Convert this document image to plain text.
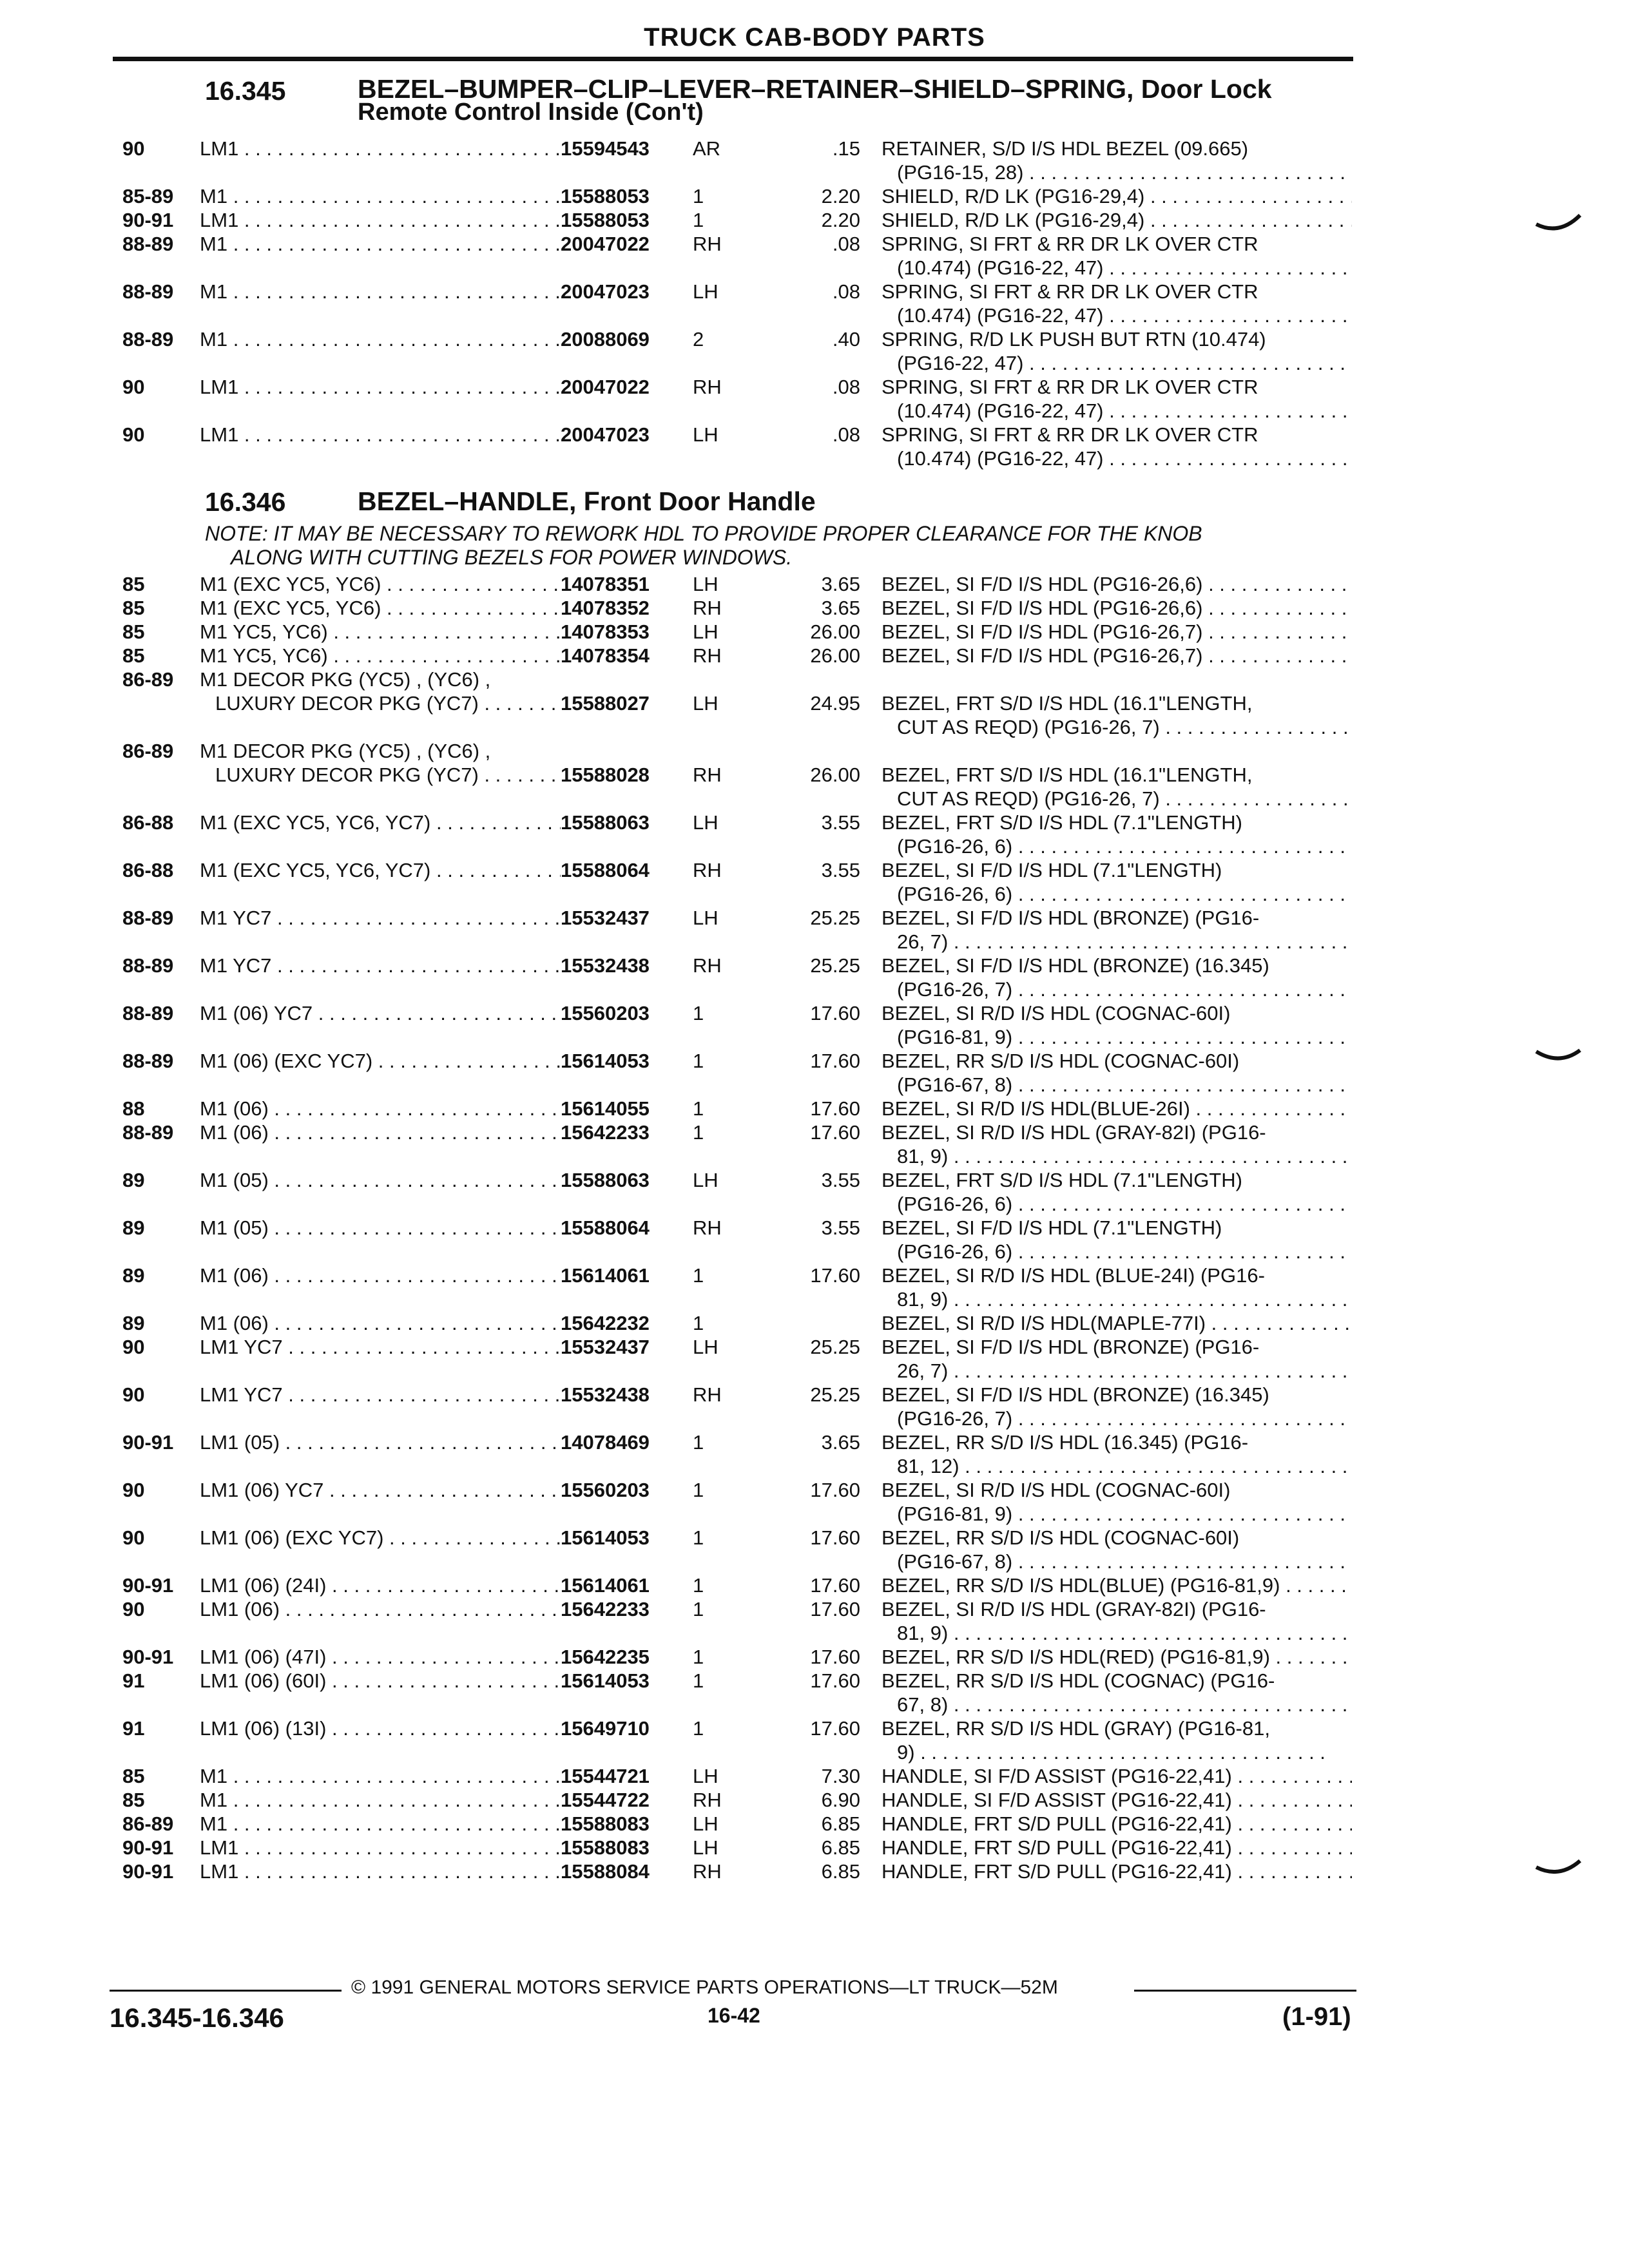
TRUCK CAB-BODY PARTS
16.345	BEZEL–BUMPER–CLIP–LEVER–RETAINER–SHIELD–SPRING, Door Lock
Remote Control Inside (Con't)
16.346	BEZEL–HANDLE, Front Door Handle
NOTE: IT MAY BE NECESSARY TO REWORK HDL TO PROVIDE PROPER CLEARANCE FOR THE KNOB
ALONG WITH CUTTING BEZELS FOR POWER WINDOWS.
90	LM1 . . .	15594543 AR	.15 RETAINER, S/D I/S HDL BEZEL (09.665)
(PG16-15, 28) . . .
85-89 M1 . . .	15588053 1	2.20 SHIELD, R/D LK (PG16-29,4) . . .
90-91 LM1 . . .	15588053 1	2.20 SHIELD, R/D LK (PG16-29,4) . . .
88-89 M1 . . .	20047022 RH	.08 SPRING, SI FRT & RR DR LK OVER CTR
(10.474) (PG16-22, 47) . . .
88-89 M1 . . .	20047023 LH	.08 SPRING, SI FRT & RR DR LK OVER CTR
(10.474) (PG16-22, 47) . . .
88-89 M1 . . .	20088069 2	.40 SPRING, R/D LK PUSH BUT RTN (10.474)
(PG16-22, 47) . . .
90	LM1 . . .	20047022 RH	.08 SPRING, SI FRT & RR DR LK OVER CTR
(10.474) (PG16-22, 47) . . .
90	LM1 . . .	20047023 LH	.08 SPRING, SI FRT & RR DR LK OVER CTR
(10.474) (PG16-22, 47) . . .
85	M1 (EXC YC5, YC6) . . .	14078351 LH	3.65 BEZEL, SI F/D I/S HDL (PG16-26,6) . . .
85	M1 (EXC YC5, YC6) . . .	14078352 RH	3.65 BEZEL, SI F/D I/S HDL (PG16-26,6) . . .
85	M1 YC5, YC6) . . .	14078353 LH	26.00 BEZEL, SI F/D I/S HDL (PG16-26,7) . . .
85	M1 YC5, YC6) . . .	14078354 RH	26.00 BEZEL, SI F/D I/S HDL (PG16-26,7) . . .
86-89 M1 DECOR PKG (YC5) , (YC6) ,
LUXURY DECOR PKG (YC7) . . .	15588027 LH	24.95
BEZEL, FRT S/D I/S HDL (16.1"LENGTH,
CUT AS REQD) (PG16-26, 7) . . .
86-89 M1 DECOR PKG (YC5) , (YC6) ,
LUXURY DECOR PKG (YC7) . . .	15588028 RH	26.00
BEZEL, FRT S/D I/S HDL (16.1"LENGTH,
CUT AS REQD) (PG16-26, 7) . . .
86-88 M1 (EXC YC5, YC6, YC7) . . .	15588063 LH	3.55 BEZEL, FRT S/D I/S HDL (7.1"LENGTH)
(PG16-26, 6) . . .
86-88 M1 (EXC YC5, YC6, YC7) . . .	15588064 RH	3.55 BEZEL, SI F/D I/S HDL (7.1"LENGTH)
(PG16-26, 6) . . .
88-89 M1 YC7 . . .	15532437 LH	25.25 BEZEL, SI F/D I/S HDL (BRONZE) (PG16-
26, 7) . . .
88-89 M1 YC7 . . .	15532438 RH	25.25 BEZEL, SI F/D I/S HDL (BRONZE) (16.345)
(PG16-26, 7) . . .
88-89 M1 (06) YC7 . . .	15560203 1	17.60 BEZEL, SI R/D I/S HDL (COGNAC-60I)
(PG16-81, 9) . . .
88-89 M1 (06) (EXC YC7) . . .	15614053 1	17.60 BEZEL, RR S/D I/S HDL (COGNAC-60I)
(PG16-67, 8) . . .
88	M1 (06) . . .	15614055 1	17.60 BEZEL, SI R/D I/S HDL(BLUE-26I) . . .
88-89 M1 (06) . . .	15642233 1	17.60 BEZEL, SI R/D I/S HDL (GRAY-82I) (PG16-
81, 9) . . .
89	M1 (05) . . .	15588063 LH	3.55 BEZEL, FRT S/D I/S HDL (7.1"LENGTH)
(PG16-26, 6) . . .
89	M1 (05) . . .	15588064 RH	3.55 BEZEL, SI F/D I/S HDL (7.1"LENGTH)
(PG16-26, 6) . . .
89	M1 (06) . . .	15614061 1	17.60 BEZEL, SI R/D I/S HDL (BLUE-24I) (PG16-
81, 9) . . .
89	M1 (06) . . .	15642232 1	BEZEL, SI R/D I/S HDL(MAPLE-77I) . . .
90	LM1 YC7 . . .	15532437 LH	25.25 BEZEL, SI F/D I/S HDL (BRONZE) (PG16-
26, 7) . . .
90	LM1 YC7 . . .	15532438 RH	25.25 BEZEL, SI F/D I/S HDL (BRONZE) (16.345)
(PG16-26, 7) . . .
90-91 LM1 (05) . . .	14078469 1	3.65 BEZEL, RR S/D I/S HDL (16.345) (PG16-
81, 12) . . .
90	LM1 (06) YC7 . . .	15560203 1	17.60 BEZEL, SI R/D I/S HDL (COGNAC-60I)
(PG16-81, 9) . . .
90	LM1 (06) (EXC YC7) . . .	15614053 1	17.60 BEZEL, RR S/D I/S HDL (COGNAC-60I)
(PG16-67, 8) . . .
90-91 LM1 (06) (24I) . . .	15614061 1	17.60 BEZEL, RR S/D I/S HDL(BLUE) (PG16-81,9) . . .
90	LM1 (06) . . .	15642233 1	17.60 BEZEL, SI R/D I/S HDL (GRAY-82I) (PG16-
81, 9) . . .
90-91 LM1 (06) (47I) . . .	15642235 1	17.60 BEZEL, RR S/D I/S HDL(RED) (PG16-81,9) . . .
91	LM1 (06) (60I) . . .	15614053 1	17.60 BEZEL, RR S/D I/S HDL (COGNAC) (PG16-
67, 8) . . .
91	LM1 (06) (13I) . . .	15649710 1	17.60 BEZEL, RR S/D I/S HDL (GRAY) (PG16-81,
9) . . .
85	M1 . . .	15544721 LH	7.30 HANDLE, SI F/D ASSIST (PG16-22,41) . . .
85	M1 . . .	15544722 RH	6.90 HANDLE, SI F/D ASSIST (PG16-22,41) . . .
86-89 M1 . . .	15588083 LH	6.85 HANDLE, FRT S/D PULL (PG16-22,41) . . .
90-91 LM1 . . .	15588083 LH	6.85 HANDLE, FRT S/D PULL (PG16-22,41) . . .
90-91 LM1 . . .	15588084 RH	6.85 HANDLE, FRT S/D PULL (PG16-22,41) . . .
© 1991 GENERAL MOTORS SERVICE PARTS OPERATIONS—LT TRUCK—52M
16.345-16.346	16-42	(1-91)
